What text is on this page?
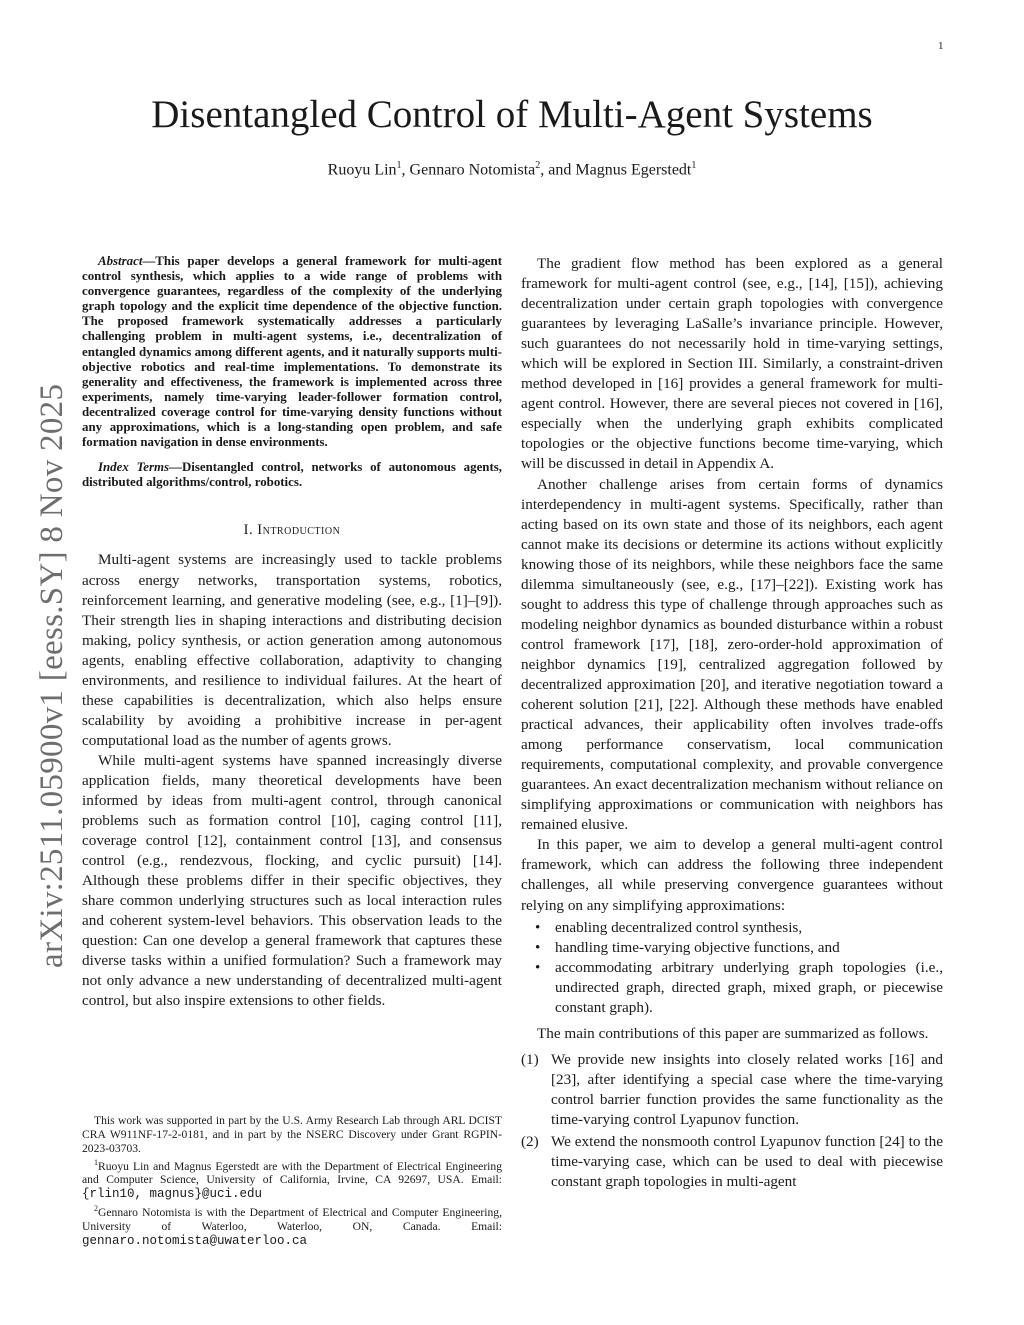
1
arXiv:2511.05900v1 [eess.SY] 8 Nov 2025
Disentangled Control of Multi-Agent Systems
Ruoyu Lin$^1$, Gennaro Notomista$^2$, and Magnus Egerstedt$^1$

Abstract—This paper develops a general framework for multi-agent control synthesis, which applies to a wide range of problems with convergence guarantees, regardless of the complexity of the underlying graph topology and the explicit time dependence of the objective function. The proposed framework systematically addresses a particularly challenging problem in multi-agent systems, i.e., decentralization of entangled dynamics among different agents, and it naturally supports multi-objective robotics and real-time implementations. To demonstrate its generality and effectiveness, the framework is implemented across three experiments, namely time-varying leader-follower formation control, decentralized coverage control for time-varying density functions without any approximations, which is a long-standing open problem, and safe formation navigation in dense environments.

Index Terms—Disentangled control, networks of autonomous agents, distributed algorithms/control, robotics.

I. Introduction

Multi-agent systems are increasingly used to tackle problems across energy networks, transportation systems, robotics, reinforcement learning, and generative modeling (see, e.g., [1]–[9]). Their strength lies in shaping interactions and distributing decision making, policy synthesis, or action generation among autonomous agents, enabling effective collaboration, adaptivity to changing environments, and resilience to individual failures. At the heart of these capabilities is decentralization, which also helps ensure scalability by avoiding a prohibitive increase in per-agent computational load as the number of agents grows.

While multi-agent systems have spanned increasingly diverse application fields, many theoretical developments have been informed by ideas from multi-agent control, through canonical problems such as formation control [10], caging control [11], coverage control [12], containment control [13], and consensus control (e.g., rendezvous, flocking, and cyclic pursuit) [14]. Although these problems differ in their specific objectives, they share common underlying structures such as local interaction rules and coherent system-level behaviors. This observation leads to the question: Can one develop a general framework that captures these diverse tasks within a unified formulation? Such a framework may not only advance a new understanding of decentralized multi-agent control, but also inspire extensions to other fields.

This work was supported in part by the U.S. Army Research Lab through ARL DCIST CRA W911NF-17-2-0181, and in part by the NSERC Discovery under Grant RGPIN-2023-03703.

$^1$Ruoyu Lin and Magnus Egerstedt are with the Department of Electrical Engineering and Computer Science, University of California, Irvine, CA 92697, USA. Email: {rlin10, magnus}@uci.edu

$^2$Gennaro Notomista is with the Department of Electrical and Computer Engineering, University of Waterloo, Waterloo, ON, Canada. Email: gennaro.notomista@uwaterloo.ca

The gradient flow method has been explored as a general framework for multi-agent control (see, e.g., [14], [15]), achieving decentralization under certain graph topologies with convergence guarantees by leveraging LaSalle’s invariance principle. However, such guarantees do not necessarily hold in time-varying settings, which will be explored in Section III. Similarly, a constraint-driven method developed in [16] provides a general framework for multi-agent control. However, there are several pieces not covered in [16], especially when the underlying graph exhibits complicated topologies or the objective functions become time-varying, which will be discussed in detail in Appendix A.

Another challenge arises from certain forms of dynamics interdependency in multi-agent systems. Specifically, rather than acting based on its own state and those of its neighbors, each agent cannot make its decisions or determine its actions without explicitly knowing those of its neighbors, while these neighbors face the same dilemma simultaneously (see, e.g., [17]–[22]). Existing work has sought to address this type of challenge through approaches such as modeling neighbor dynamics as bounded disturbance within a robust control framework [17], [18], zero-order-hold approximation of neighbor dynamics [19], centralized aggregation followed by decentralized approximation [20], and iterative negotiation toward a coherent solution [21], [22]. Although these methods have enabled practical advances, their applicability often involves trade-offs among performance conservatism, local communication requirements, computational complexity, and provable convergence guarantees. An exact decentralization mechanism without reliance on simplifying approximations or communication with neighbors has remained elusive.

In this paper, we aim to develop a general multi-agent control framework, which can address the following three independent challenges, all while preserving convergence guarantees without relying on any simplifying approximations:

• enabling decentralized control synthesis,
• handling time-varying objective functions, and
• accommodating arbitrary underlying graph topologies (i.e., undirected graph, directed graph, mixed graph, or piecewise constant graph).

The main contributions of this paper are summarized as follows.

(1) We provide new insights into closely related works [16] and [23], after identifying a special case where the time-varying control barrier function provides the same functionality as the time-varying control Lyapunov function.
(2) We extend the nonsmooth control Lyapunov function [24] to the time-varying case, which can be used to deal with piecewise constant graph topologies in multi-agent
